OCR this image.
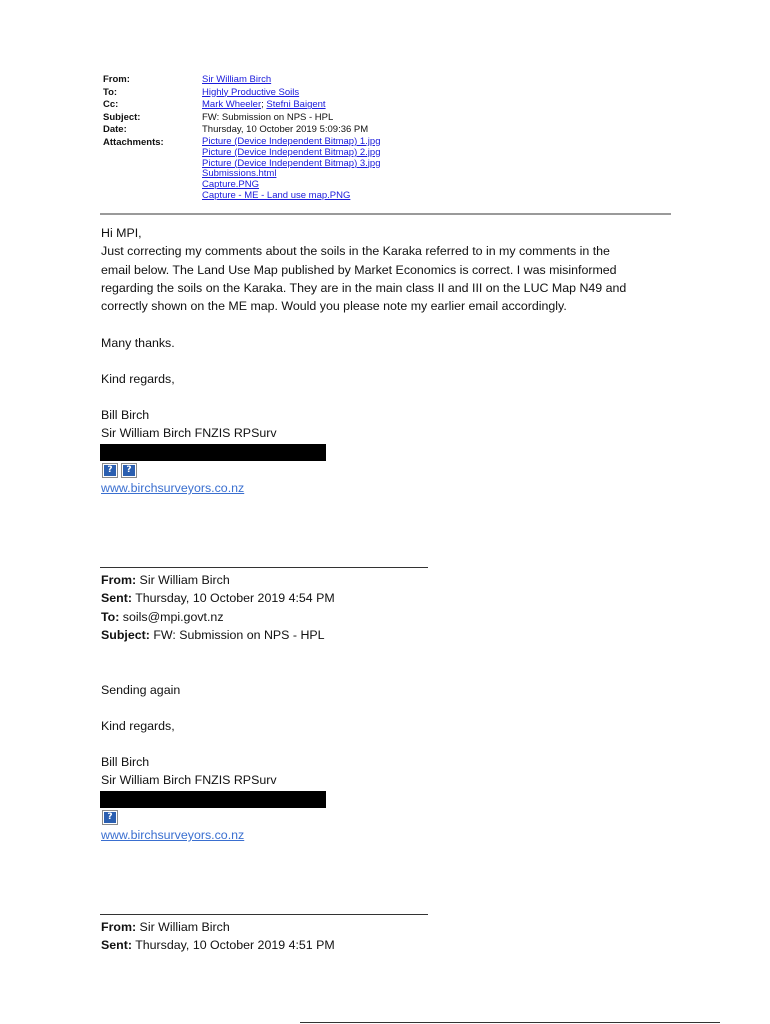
From:	Sir William Birch
To:	Highly Productive Soils
Cc:	Mark Wheeler; Stefni Baigent
Subject:	FW: Submission on NPS - HPL
Date:	Thursday, 10 October 2019 5:09:36 PM
Attachments:	Picture (Device Independent Bitmap) 1.jpg
Picture (Device Independent Bitmap) 2.jpg
Picture (Device Independent Bitmap) 3.jpg
Submissions.html
Capture.PNG
Capture - ME - Land use map.PNG
Hi MPI,
Just correcting my comments about the soils in the Karaka referred to in my comments in the
email below. The Land Use Map published by Market Economics is correct. I was misinformed
regarding the soils on the Karaka. They are in the main class II and III on the LUC Map N49 and
correctly shown on the ME map. Would you please note my earlier email accordingly.
Many thanks.
Kind regards,
Bill Birch
Sir William Birch FNZIS RPSurv
?	?
www.birchsurveyors.co.nz
From: Sir William Birch
Sent: Thursday, 10 October 2019 4:54 PM
To: soils@mpi.govt.nz
Subject: FW: Submission on NPS - HPL
Sending again
Kind regards,
Bill Birch
Sir William Birch FNZIS RPSurv
?
www.birchsurveyors.co.nz
From: Sir William Birch
Sent: Thursday, 10 October 2019 4:51 PM
